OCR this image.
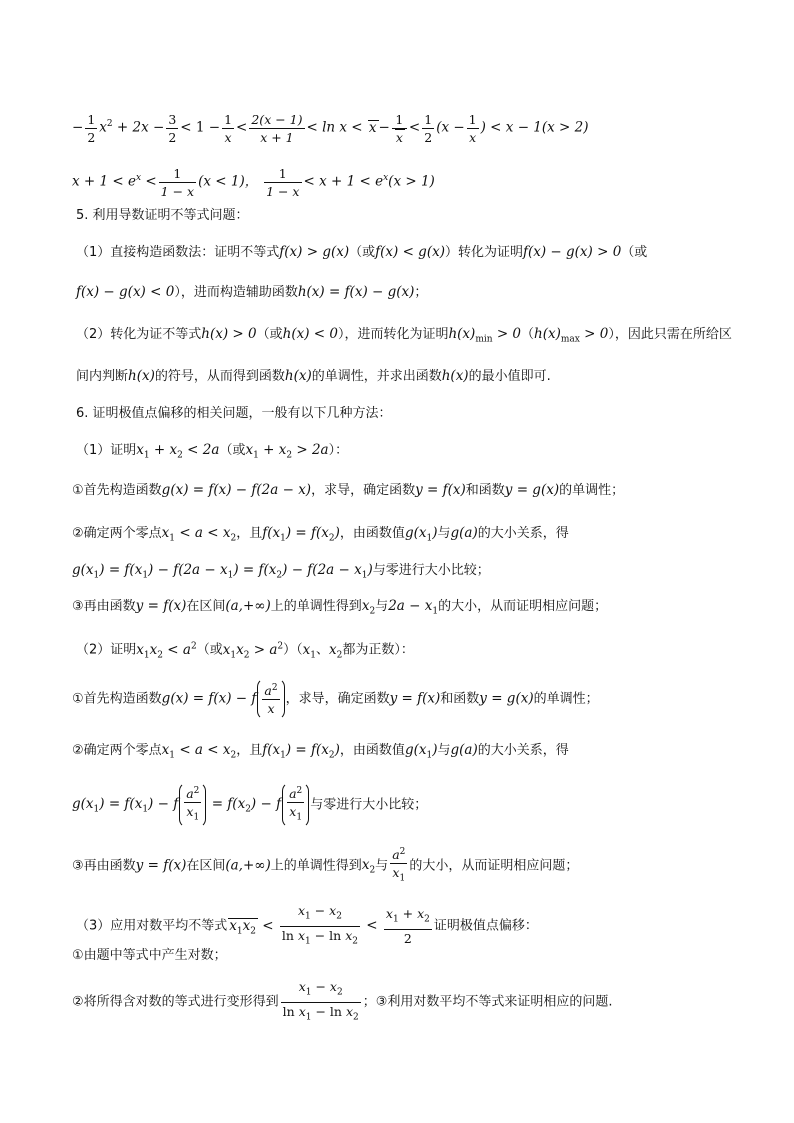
− $\frac{1}{2} x^2 + 2x - \frac{3}{2} < 1 - \frac{1}{x} < \frac{2(x - 1)}{x + 1} < \ln x < x - \frac{1}{x} < \frac{1}{2} (x - \frac{1}{x}$ ) < x − 1(x > 2)
$x + 1 < e^x < \frac{1}{1 - x} (x < 1)$， $\frac{1}{1 - x} < x + 1 < e^x(x > 1)$
5. 利用导数证明不等式问题：
（1）直接构造函数法：证明不等式f(x) > g(x)（或f(x) < g(x)）转化为证明f(x) − g(x) > 0（或
f(x) − g(x) < 0），进而构造辅助函数h(x) = f(x) − g(x)；
（2）转化为证不等式h(x) > 0（或h(x) < 0），进而转化为证明$h(x)_{min} > 0(h(x)_{max} > 0)$，因此只需在所给区
间内判断h(x)的符号，从而得到函数h(x)的单调性，并求出函数h(x)的最小值即可.
6. 证明极值点偏移的相关问题，一般有以下几种方法：
（1）证明$x_1 + x_2 < 2a$（或$x_1 + x_2 > 2a$）：
①首先构造函数g(x) = f(x) − f(2a − x)，求导，确定函数y = f(x)和函数y = g(x)的单调性；
②确定两个零点$x_1 < a < x_2$，且$f(x_1) = f(x_2)$，由函数值$g(x_1)$与g(a)的大小关系，得
$g(x_1) = f(x_1) - f(2a - x_1) = f(x_2) - f(2a - x_1)$与零进行大小比较；
③再由函数y = f(x)在区间(a,+∞)上的单调性得到$x_2$与$2a - x_1$的大小，从而证明相应问题；
（2）证明$x_1x_2 < a^2$（或$x_1x_2 > a^2)(x_1$、$x_2$都为正数）：
①首先构造函数g(x) = f(x) − f $\frac{a^2}{x}$ ，求导，确定函数y = f(x)和函数y = g(x)的单调性；
②确定两个零点$x_1 < a < x_2$，且$f(x_1) = f(x_2)$，由函数值$g(x_1)$与g(a)的大小关系，得
$g(x_1) = f(x_1) - f \frac{a^2}{x_1} = f(x_2) - f \frac{a^2}{x_1}$ 与零进行大小比较；
③再由函数y = f(x)在区间(a,+∞)上的单调性得到$x_2$与 $\frac{a^2}{x_1}$ 的大小，从而证明相应问题；
（3）应用对数平均不等式 $x_1x_2 < \frac{x_1 - x_2}{\ln x_1 - \ln x_2} < \frac{x_1 + x_2}{2}$ 证明极值点偏移：
①由题中等式中产生对数；
②将所得含对数的等式进行变形得到 $\frac{x_1 - x_2}{\ln x_1 - \ln x_2}$ ；③利用对数平均不等式来证明相应的问题.
